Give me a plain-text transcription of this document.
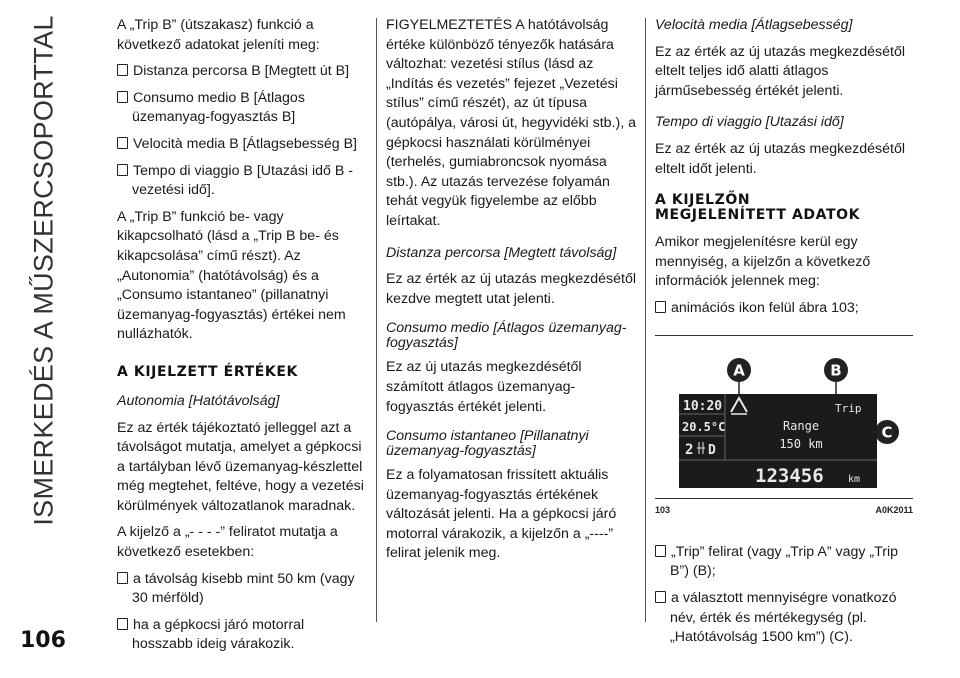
ISMERKEDÉS A MŰSZERCSOPORTTAL
106

A „Trip B” (útszakasz) funkció a következő adatokat jeleníti meg:

Distanza percorsa B [Megtett út B]

Consumo medio B [Átlagos üzemanyag-fogyasztás B]

Velocità media B [Átlagsebesség B]

Tempo di viaggio B [Utazási idő B - vezetési idő].

A „Trip B” funkció be- vagy kikapcsolható (lásd a „Trip B be- és kikapcsolása” című részt). Az „Autonomia” (hatótávolság) és a „Consumo istantaneo” (pillanatnyi üzemanyag-fogyasztás) értékei nem nullázhatók.

A KIJELZETT ÉRTÉKEK
Autonomia [Hatótávolság]

Ez az érték tájékoztató jelleggel azt a távolságot mutatja, amelyet a gépkocsi a tartályban lévő üzemanyag-készlettel még megtehet, feltéve, hogy a vezetési körülmények változatlanok maradnak.

A kijelző a „- - - -” feliratot mutatja a következő esetekben:

a távolság kisebb mint 50 km (vagy 30 mérföld)

ha a gépkocsi járó motorral hosszabb ideig várakozik.

FIGYELMEZTETÉS A hatótávolság értéke különböző tényezők hatására változhat: vezetési stílus (lásd az „Indítás és vezetés” fejezet „Vezetési stílus” című részét), az út típusa (autópálya, városi út, hegyvidéki stb.), a gépkocsi használati körülményei (terhelés, gumiabroncsok nyomása stb.). Az utazás tervezése folyamán tehát vegyük figyelembe az előbb leírtakat.

Distanza percorsa [Megtett távolság]

Ez az érték az új utazás megkezdésétől kezdve megtett utat jelenti.

Consumo medio [Átlagos üzemanyag-fogyasztás]

Ez az új utazás megkezdésétől számított átlagos üzemanyag-fogyasztás értékét jelenti.

Consumo istantaneo [Pillanatnyi üzemanyag-fogyasztás]

Ez a folyamatosan frissített aktuális üzemanyag-fogyasztás értékének változását jelenti. Ha a gépkocsi járó motorral várakozik, a kijelzőn a „----” felirat jelenik meg.

Velocità media [Átlagsebesség]

Ez az érték az új utazás megkezdésétől eltelt teljes idő alatti átlagos járműsebesség értékét jelenti.

Tempo di viaggio [Utazási idő]

Ez az érték az új utazás megkezdésétől eltelt időt jelenti.

A KIJELZŐN
MEGJELENÍTETT ADATOK

Amikor megjelenítésre kerül egy mennyiség, a kijelzőn a következő információk jelennek meg:

animációs ikon felül ábra 103;

A	B
C
10:20
20.5°C
2 D
Trip
Range
150 km
123456 km
103	A0K2011

„Trip” felirat (vagy „Trip A” vagy „Trip B”) (B);

a választott mennyiségre vonatkozó név, érték és mértékegység (pl. „Hatótávolság 1500 km”) (C).
